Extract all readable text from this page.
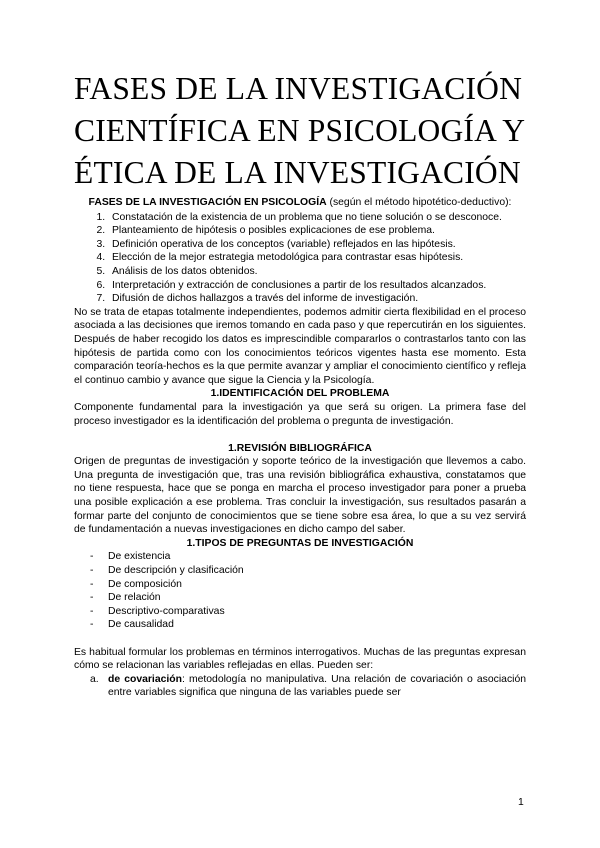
FASES DE LA INVESTIGACIÓN
CIENTÍFICA EN PSICOLOGÍA Y
ÉTICA DE LA INVESTIGACIÓN

FASES DE LA INVESTIGACIÓN EN PSICOLOGÍA (según el método hipotético-deductivo):

1. Constatación de la existencia de un problema que no tiene solución o se desconoce.
2. Planteamiento de hipótesis o posibles explicaciones de ese problema.
3. Definición operativa de los conceptos (variable) reflejados en las hipótesis.
4. Elección de la mejor estrategia metodológica para contrastar esas hipótesis.
5. Análisis de los datos obtenidos.
6. Interpretación y extracción de conclusiones a partir de los resultados alcanzados.
7. Difusión de dichos hallazgos a través del informe de investigación.

No se trata de etapas totalmente independientes, podemos admitir cierta flexibilidad en el proceso asociada a las decisiones que iremos tomando en cada paso y que repercutirán en los siguientes. Después de haber recogido los datos es imprescindible compararlos o contrastarlos tanto con las hipótesis de partida como con los conocimientos teóricos vigentes hasta ese momento. Esta comparación teoría-hechos es la que permite avanzar y ampliar el conocimiento científico y refleja el continuo cambio y avance que sigue la Ciencia y la Psicología.

1.IDENTIFICACIÓN DEL PROBLEMA

Componente fundamental para la investigación ya que será su origen. La primera fase del proceso investigador es la identificación del problema o pregunta de investigación.

1.REVISIÓN BIBLIOGRÁFICA

Origen de preguntas de investigación y soporte teórico de la investigación que llevemos a cabo. Una pregunta de investigación que, tras una revisión bibliográfica exhaustiva, constatamos que no tiene respuesta, hace que se ponga en marcha el proceso investigador para poner a prueba una posible explicación a ese problema. Tras concluir la investigación, sus resultados pasarán a formar parte del conjunto de conocimientos que se tiene sobre esa área, lo que a su vez servirá de fundamentación a nuevas investigaciones en dicho campo del saber.

1.TIPOS DE PREGUNTAS DE INVESTIGACIÓN

- De existencia
- De descripción y clasificación
- De composición
- De relación
- Descriptivo-comparativas
- De causalidad

Es habitual formular los problemas en términos interrogativos. Muchas de las preguntas expresan cómo se relacionan las variables reflejadas en ellas. Pueden ser:

a. de covariación: metodología no manipulativa. Una relación de covariación o asociación entre variables significa que ninguna de las variables puede ser
1
